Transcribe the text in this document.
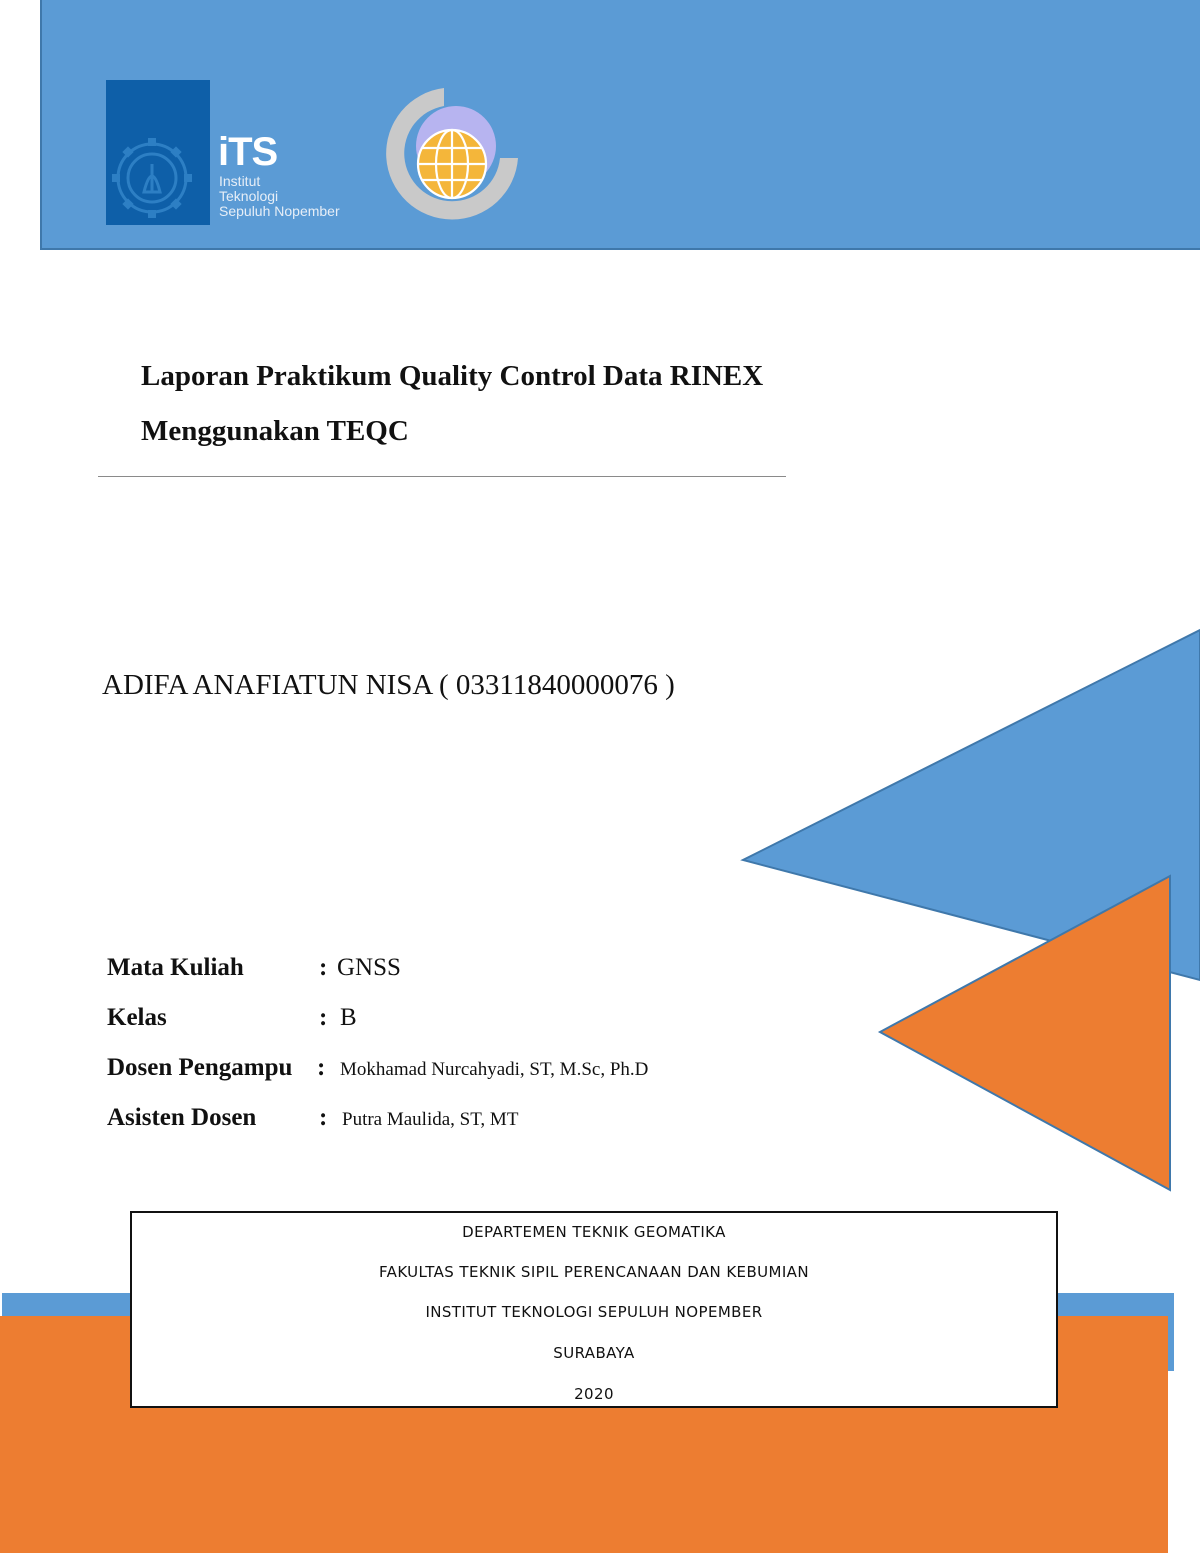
iTS
Institut
Teknologi
Sepuluh Nopember
Laporan Praktikum Quality Control Data RINEX
Menggunakan TEQC
ADIFA ANAFIATUN NISA ( 03311840000076 )
Mata Kuliah	: GNSS
Kelas	: B
Dosen Pengampu : Mokhamad Nurcahyadi, ST, M.Sc, Ph.D
Asisten Dosen	: Putra Maulida, ST, MT
DEPARTEMEN TEKNIK GEOMATIKA
FAKULTAS TEKNIK SIPIL PERENCANAAN DAN KEBUMIAN
INSTITUT TEKNOLOGI SEPULUH NOPEMBER
SURABAYA
2020
